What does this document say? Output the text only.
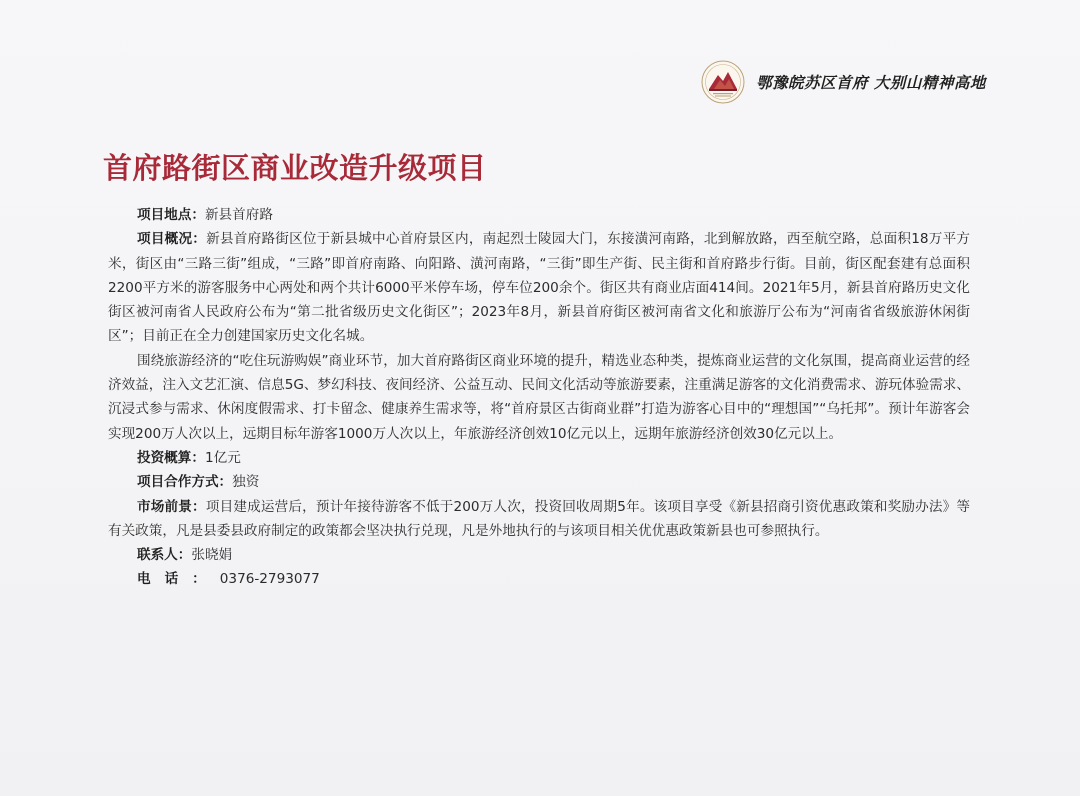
鄂豫皖苏区首府 大别山精神高地
首府路街区商业改造升级项目

项目地点：新县首府路

项目概况：新县首府路街区位于新县城中心首府景区内，南起烈士陵园大门，东接潢河南路，北到解放路，西至航空路，总面积18万平方米，街区由“三路三街”组成，“三路”即首府南路、向阳路、潢河南路，“三街”即生产街、民主街和首府路步行街。目前，街区配套建有总面积2200平方米的游客服务中心两处和两个共计6000平米停车场，停车位200余个。街区共有商业店面414间。2021年5月，新县首府路历史文化街区被河南省人民政府公布为“第二批省级历史文化街区”；2023年8月，新县首府街区被河南省文化和旅游厅公布为“河南省省级旅游休闲街区”；目前正在全力创建国家历史文化名城。

围绕旅游经济的“吃住玩游购娱”商业环节，加大首府路街区商业环境的提升，精选业态种类，提炼商业运营的文化氛围，提高商业运营的经济效益，注入文艺汇演、信息5G、梦幻科技、夜间经济、公益互动、民间文化活动等旅游要素，注重满足游客的文化消费需求、游玩体验需求、沉浸式参与需求、休闲度假需求、打卡留念、健康养生需求等，将“首府景区古街商业群”打造为游客心目中的“理想国”“乌托邦”。预计年游客会实现200万人次以上，远期目标年游客1000万人次以上，年旅游经济创效10亿元以上，远期年旅游经济创效30亿元以上。

投资概算：1亿元

项目合作方式：独资

市场前景：项目建成运营后，预计年接待游客不低于200万人次，投资回收周期5年。该项目享受《新县招商引资优惠政策和奖励办法》等有关政策，凡是县委县政府制定的政策都会坚决执行兑现，凡是外地执行的与该项目相关优优惠政策新县也可参照执行。

联系人：张晓娟

电话：0376-2793077
